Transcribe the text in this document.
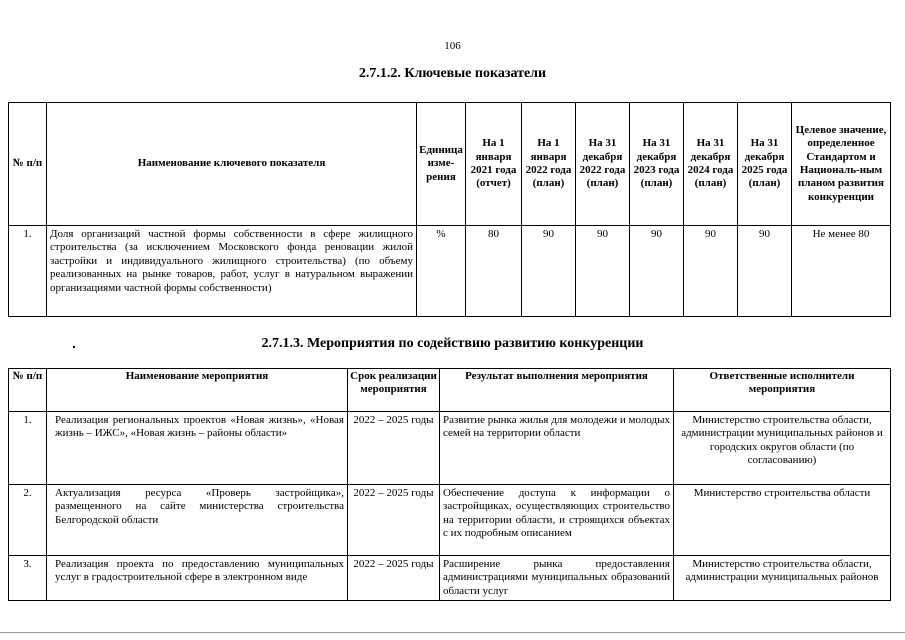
106
2.7.1.2. Ключевые показатели
№ п/п	Наименование ключевого показателя	Единица изме-рения	На 1 января 2021 года (отчет)	На 1 января 2022 года (план)	На 31 декабря 2022 года (план)	На 31 декабря 2023 года (план)	На 31 декабря 2024 года (план)	На 31 декабря 2025 года (план)	Целевое значение, определенное Стандартом и Националь-ным планом развития конкуренции
1.	Доля организаций частной формы собственности в сфере жилищного строительства (за исключением Московского фонда реновации жилой застройки и индивидуального жилищного строительства) (по объему реализованных на рынке товаров, работ, услуг в натуральном выражении организациями частной формы собственности)	%	80	90	90	90	90	90	Не менее 80
2.7.1.3. Мероприятия по содействию развитию конкуренции
№ п/п	Наименование мероприятия	Срок реализации мероприятия	Результат выполнения мероприятия	Ответственные исполнители мероприятия
1.	Реализация региональных проектов «Новая жизнь», «Новая жизнь – ИЖС», «Новая жизнь – районы области»	2022 – 2025 годы	Развитие рынка жилья для молодежи и молодых семей на территории области	Министерство строительства области, администрации муниципальных районов и городских округов области (по согласованию)
2.	Актуализация ресурса «Проверь застройщика», размещенного на сайте министерства строительства Белгородской области	2022 – 2025 годы	Обеспечение доступа к информации о застройщиках, осуществляющих строительство на территории области, и строящихся объектах с их подробным описанием	Министерство строительства области
3.	Реализация проекта по предоставлению муниципальных услуг в градостроительной сфере в электронном виде	2022 – 2025 годы	Расширение рынка предоставления администрациями муниципальных образований области услуг	Министерство строительства области, администрации муниципальных районов
